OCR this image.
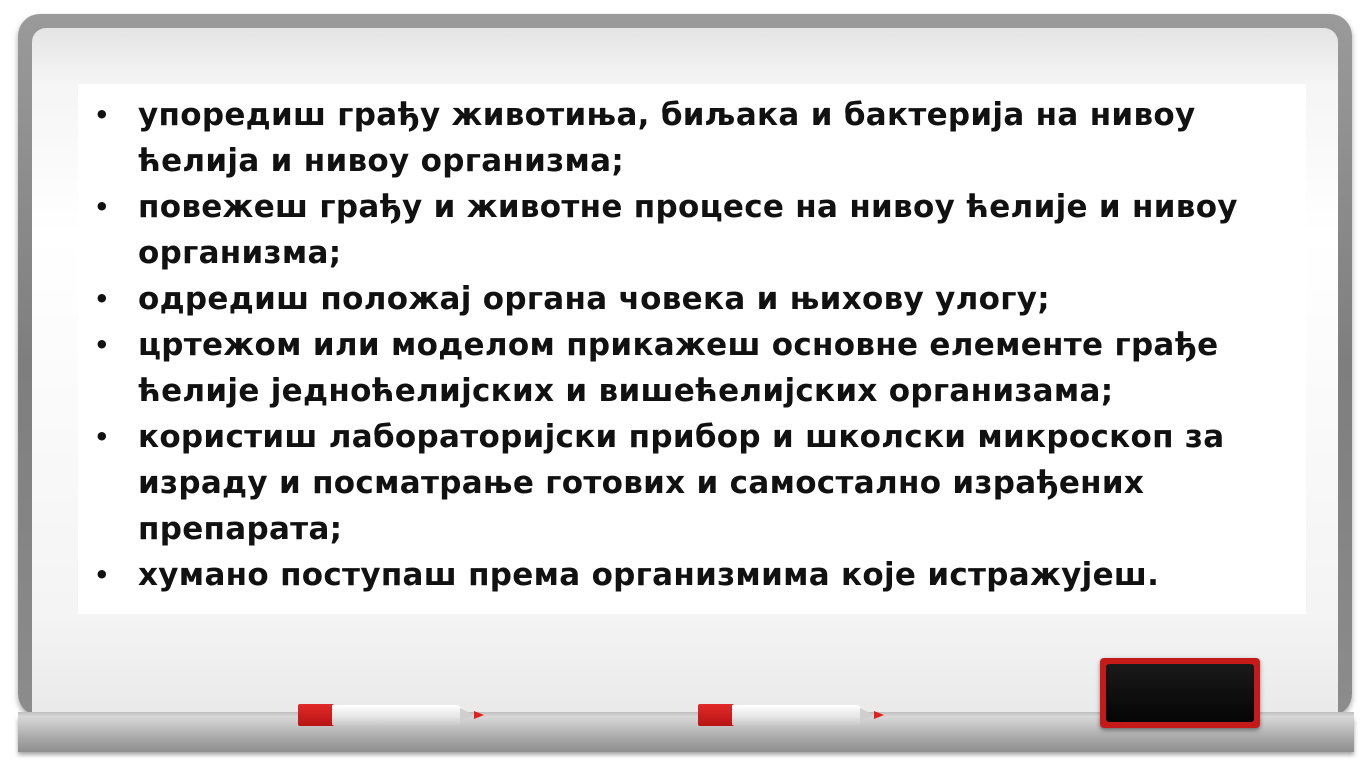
• упоредиш грађу животиња, биљака и бактерија на нивоу ћелија и нивоу организма;
• повежеш грађу и животне процесе на нивоу ћелије и нивоу организма;
• одредиш положај органа човека и њихову улогу;
• цртежом или моделом прикажеш основне елементе грађе ћелије једноћелијских и вишећелијских организама;
• користиш лабораторијски прибор и школски микроскоп за израду и посматрање готових и самостално израђених препарата;
• хумано поступаш према организмима које истражујеш.
